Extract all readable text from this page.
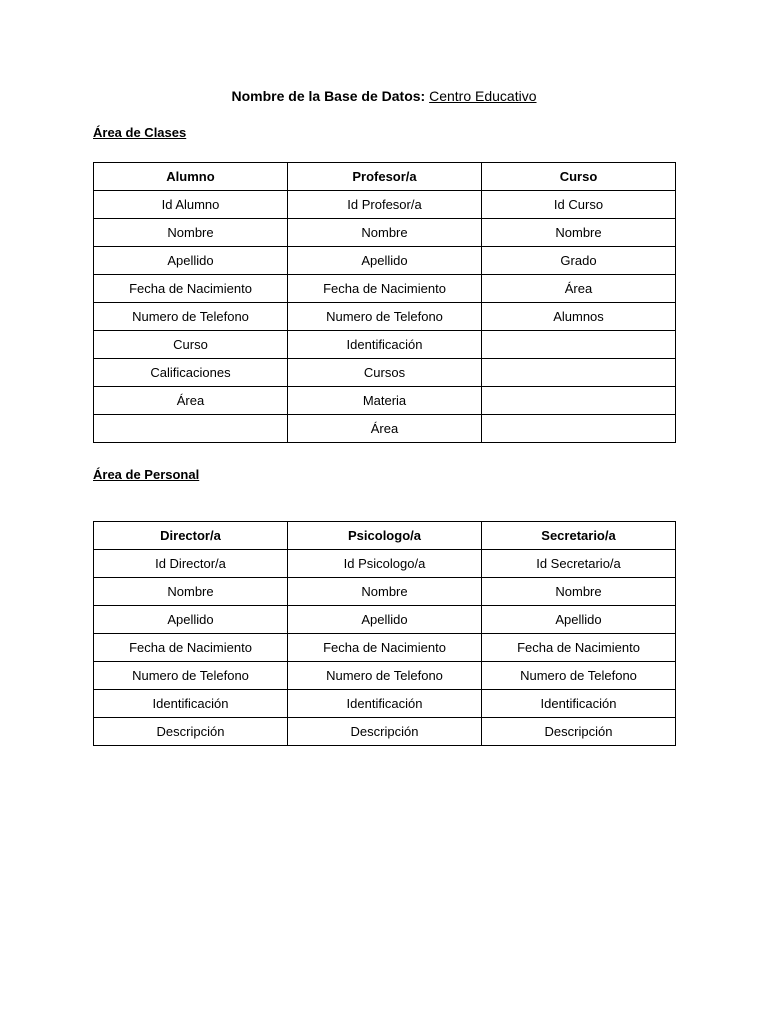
Nombre de la Base de Datos: Centro Educativo
Área de Clases
Alumno	Profesor/a	Curso
Id Alumno	Id Profesor/a	Id Curso
Nombre	Nombre	Nombre
Apellido	Apellido	Grado
Fecha de Nacimiento	Fecha de Nacimiento	Área
Numero de Telefono	Numero de Telefono	Alumnos
Curso	Identificación	
Calificaciones	Cursos	
Área	Materia	
	Área	
Área de Personal
Director/a	Psicologo/a	Secretario/a
Id Director/a	Id Psicologo/a	Id Secretario/a
Nombre	Nombre	Nombre
Apellido	Apellido	Apellido
Fecha de Nacimiento	Fecha de Nacimiento	Fecha de Nacimiento
Numero de Telefono	Numero de Telefono	Numero de Telefono
Identificación	Identificación	Identificación
Descripción	Descripción	Descripción
